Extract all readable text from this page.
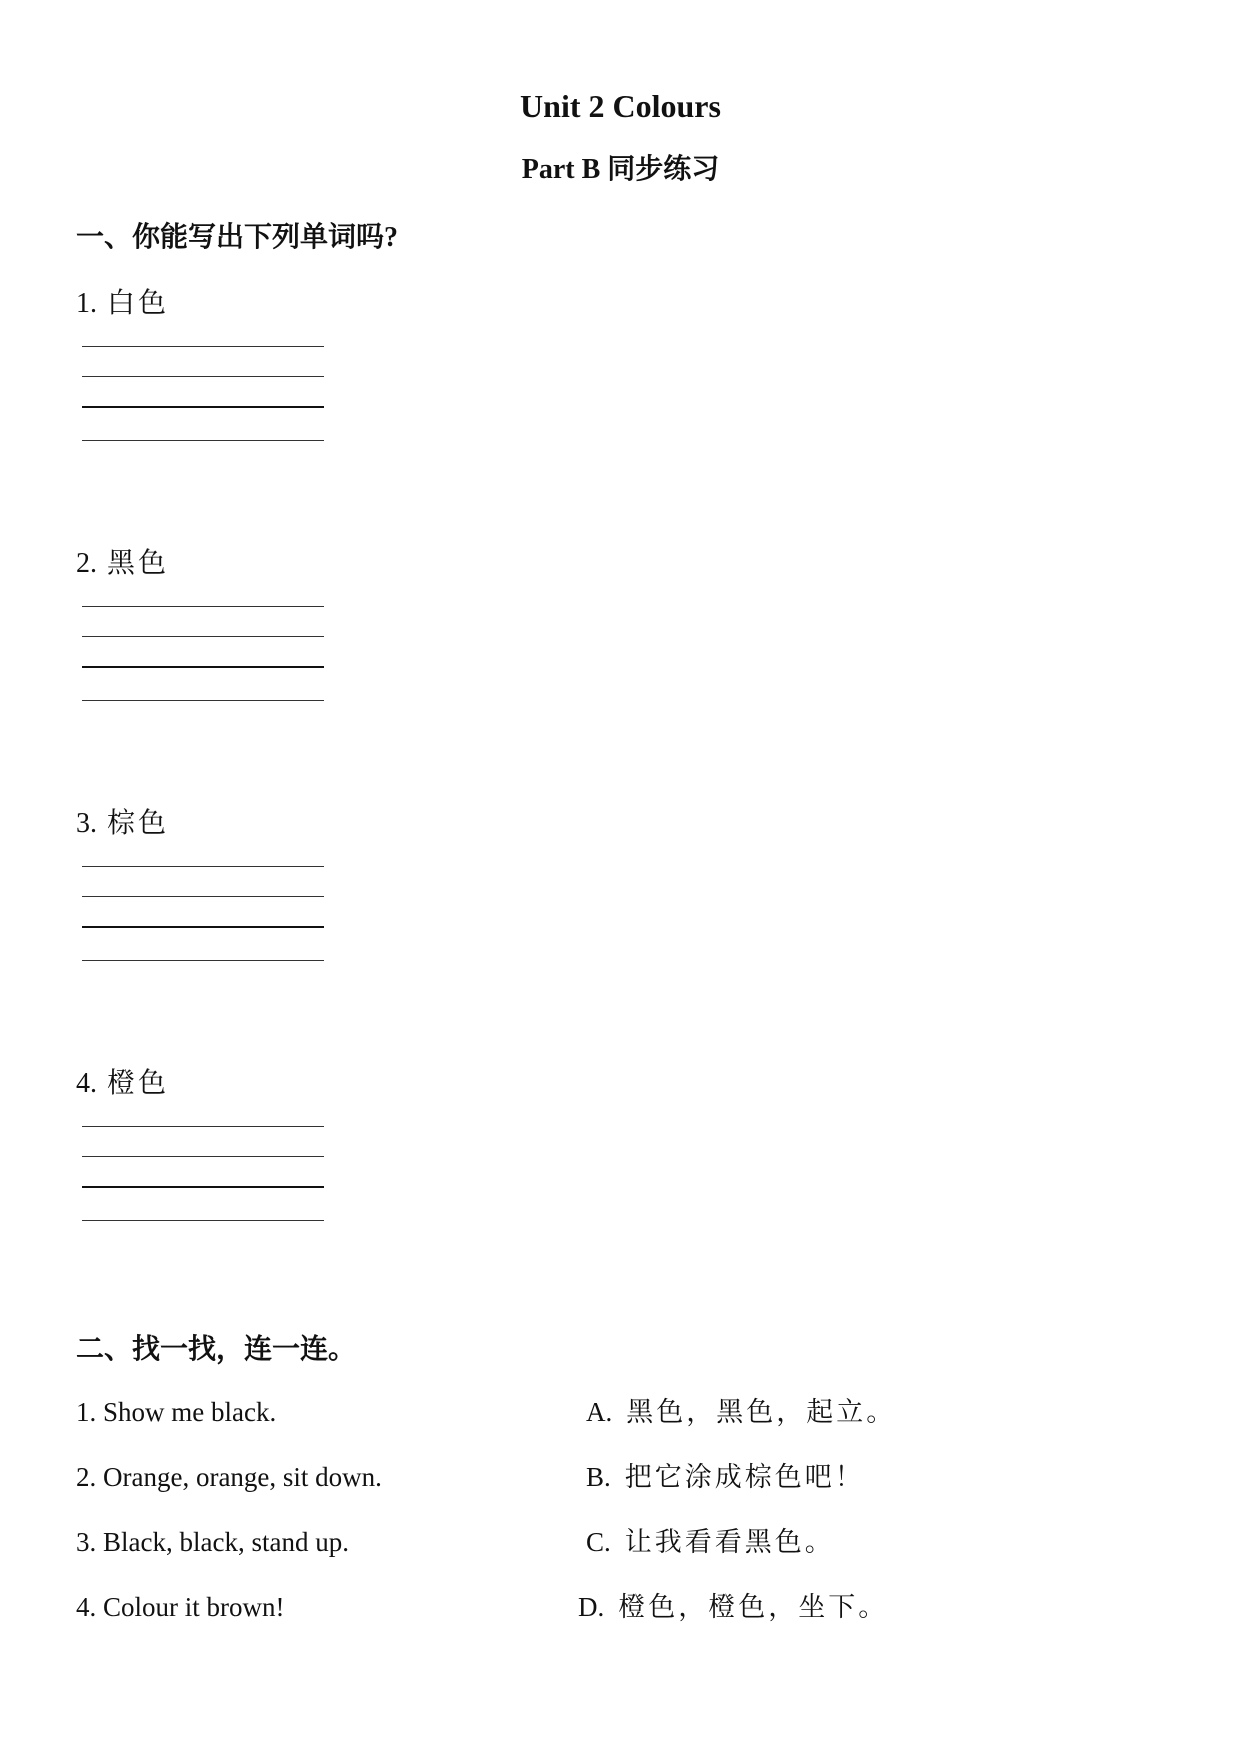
Unit 2 Colours
Part B 同步练习
一、你能写出下列单词吗?
1. 白色
2. 黑色
3. 棕色
4. 橙色
二、找一找，连一连。
1. Show me black.	A. 黑色，黑色，起立。
2. Orange, orange, sit down.	B. 把它涂成棕色吧！
3. Black, black, stand up.	C. 让我看看黑色。
4. Colour it brown!	D. 橙色，橙色，坐下。
